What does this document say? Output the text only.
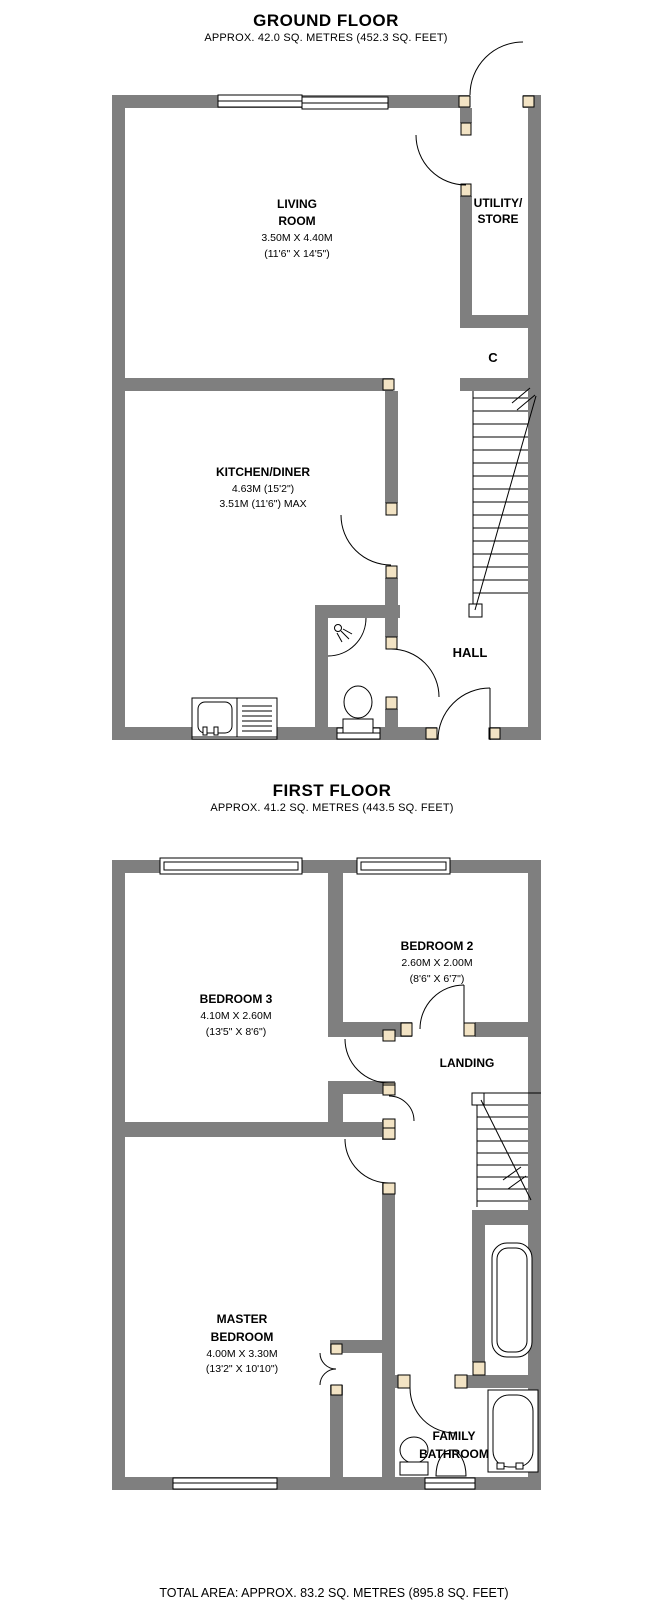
GROUND FLOOR
APPROX. 42.0 SQ. METRES (452.3 SQ. FEET)
LIVING
ROOM
3.50M X 4.40M
(11'6" X 14'5")
UTILITY/
STORE
C
KITCHEN/DINER
4.63M (15'2")
3.51M (11'6") MAX
HALL
FIRST FLOOR
APPROX. 41.2 SQ. METRES (443.5 SQ. FEET)
BEDROOM 3
4.10M X 2.60M
(13'5" X 8'6")
BEDROOM 2
2.60M X 2.00M
(8'6" X 6'7")
LANDING
MASTER
BEDROOM
4.00M X 3.30M
(13'2" X 10'10")
FAMILY
BATHROOM
TOTAL AREA: APPROX. 83.2 SQ. METRES (895.8 SQ. FEET)
